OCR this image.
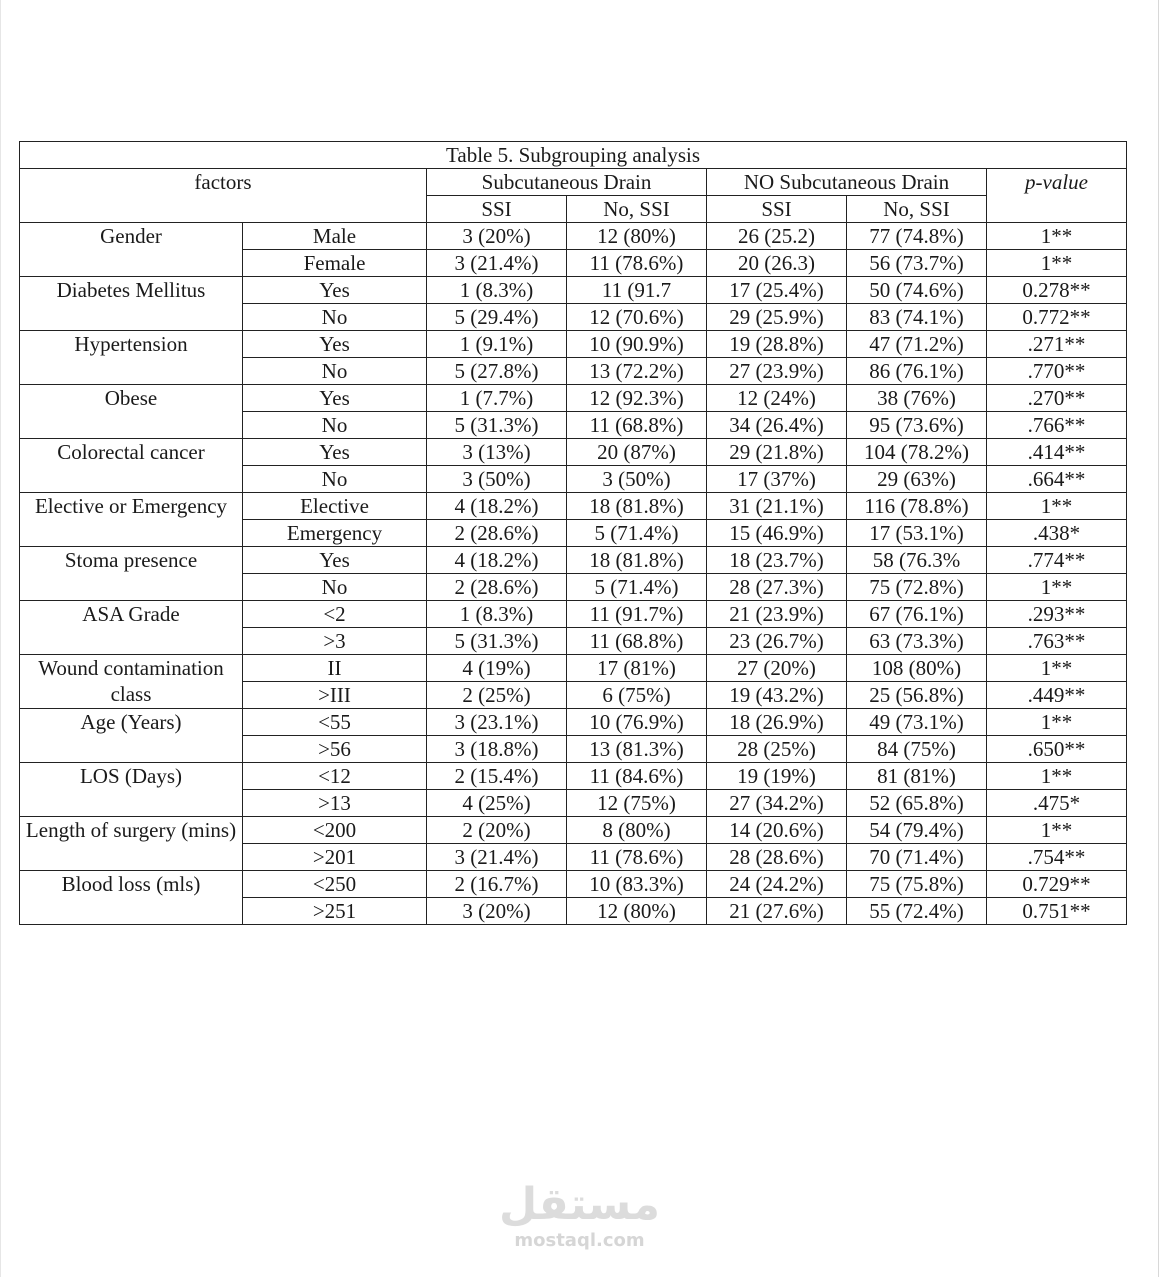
Table 5. Subgrouping analysis						
factors		Subcutaneous Drain		NO Subcutaneous Drain		p-value
		SSI	No, SSI	SSI	No, SSI	
Gender	Male	3 (20%)	12 (80%)	26 (25.2)	77 (74.8%)	1**
	Female	3 (21.4%)	11 (78.6%)	20 (26.3)	56 (73.7%)	1**
Diabetes Mellitus	Yes	1 (8.3%)	11 (91.7	17 (25.4%)	50 (74.6%)	0.278**
	No	5 (29.4%)	12 (70.6%)	29 (25.9%)	83 (74.1%)	0.772**
Hypertension	Yes	1 (9.1%)	10 (90.9%)	19 (28.8%)	47 (71.2%)	.271**
	No	5 (27.8%)	13 (72.2%)	27 (23.9%)	86 (76.1%)	.770**
Obese	Yes	1 (7.7%)	12 (92.3%)	12 (24%)	38 (76%)	.270**
	No	5 (31.3%)	11 (68.8%)	34 (26.4%)	95 (73.6%)	.766**
Colorectal cancer	Yes	3 (13%)	20 (87%)	29 (21.8%)	104 (78.2%)	.414**
	No	3 (50%)	3 (50%)	17 (37%)	29 (63%)	.664**
Elective or Emergency	Elective	4 (18.2%)	18 (81.8%)	31 (21.1%)	116 (78.8%)	1**
	Emergency	2 (28.6%)	5 (71.4%)	15 (46.9%)	17 (53.1%)	.438*
Stoma presence	Yes	4 (18.2%)	18 (81.8%)	18 (23.7%)	58 (76.3%	.774**
	No	2 (28.6%)	5 (71.4%)	28 (27.3%)	75 (72.8%)	1**
ASA Grade	<2	1 (8.3%)	11 (91.7%)	21 (23.9%)	67 (76.1%)	.293**
	>3	5 (31.3%)	11 (68.8%)	23 (26.7%)	63 (73.3%)	.763**
Wound contamination class	II	4 (19%)	17 (81%)	27 (20%)	108 (80%)	1**
	>III	2 (25%)	6 (75%)	19 (43.2%)	25 (56.8%)	.449**
Age (Years)	<55	3 (23.1%)	10 (76.9%)	18 (26.9%)	49 (73.1%)	1**
	>56	3 (18.8%)	13 (81.3%)	28 (25%)	84 (75%)	.650**
LOS (Days)	<12	2 (15.4%)	11 (84.6%)	19 (19%)	81 (81%)	1**
	>13	4 (25%)	12 (75%)	27 (34.2%)	52 (65.8%)	.475*
Length of surgery (mins)	<200	2 (20%)	8 (80%)	14 (20.6%)	54 (79.4%)	1**
	>201	3 (21.4%)	11 (78.6%)	28 (28.6%)	70 (71.4%)	.754**
Blood loss (mls)	<250	2 (16.7%)	10 (83.3%)	24 (24.2%)	75 (75.8%)	0.729**
	>251	3 (20%)	12 (80%)	21 (27.6%)	55 (72.4%)	0.751**
مستقل
mostaql.com
